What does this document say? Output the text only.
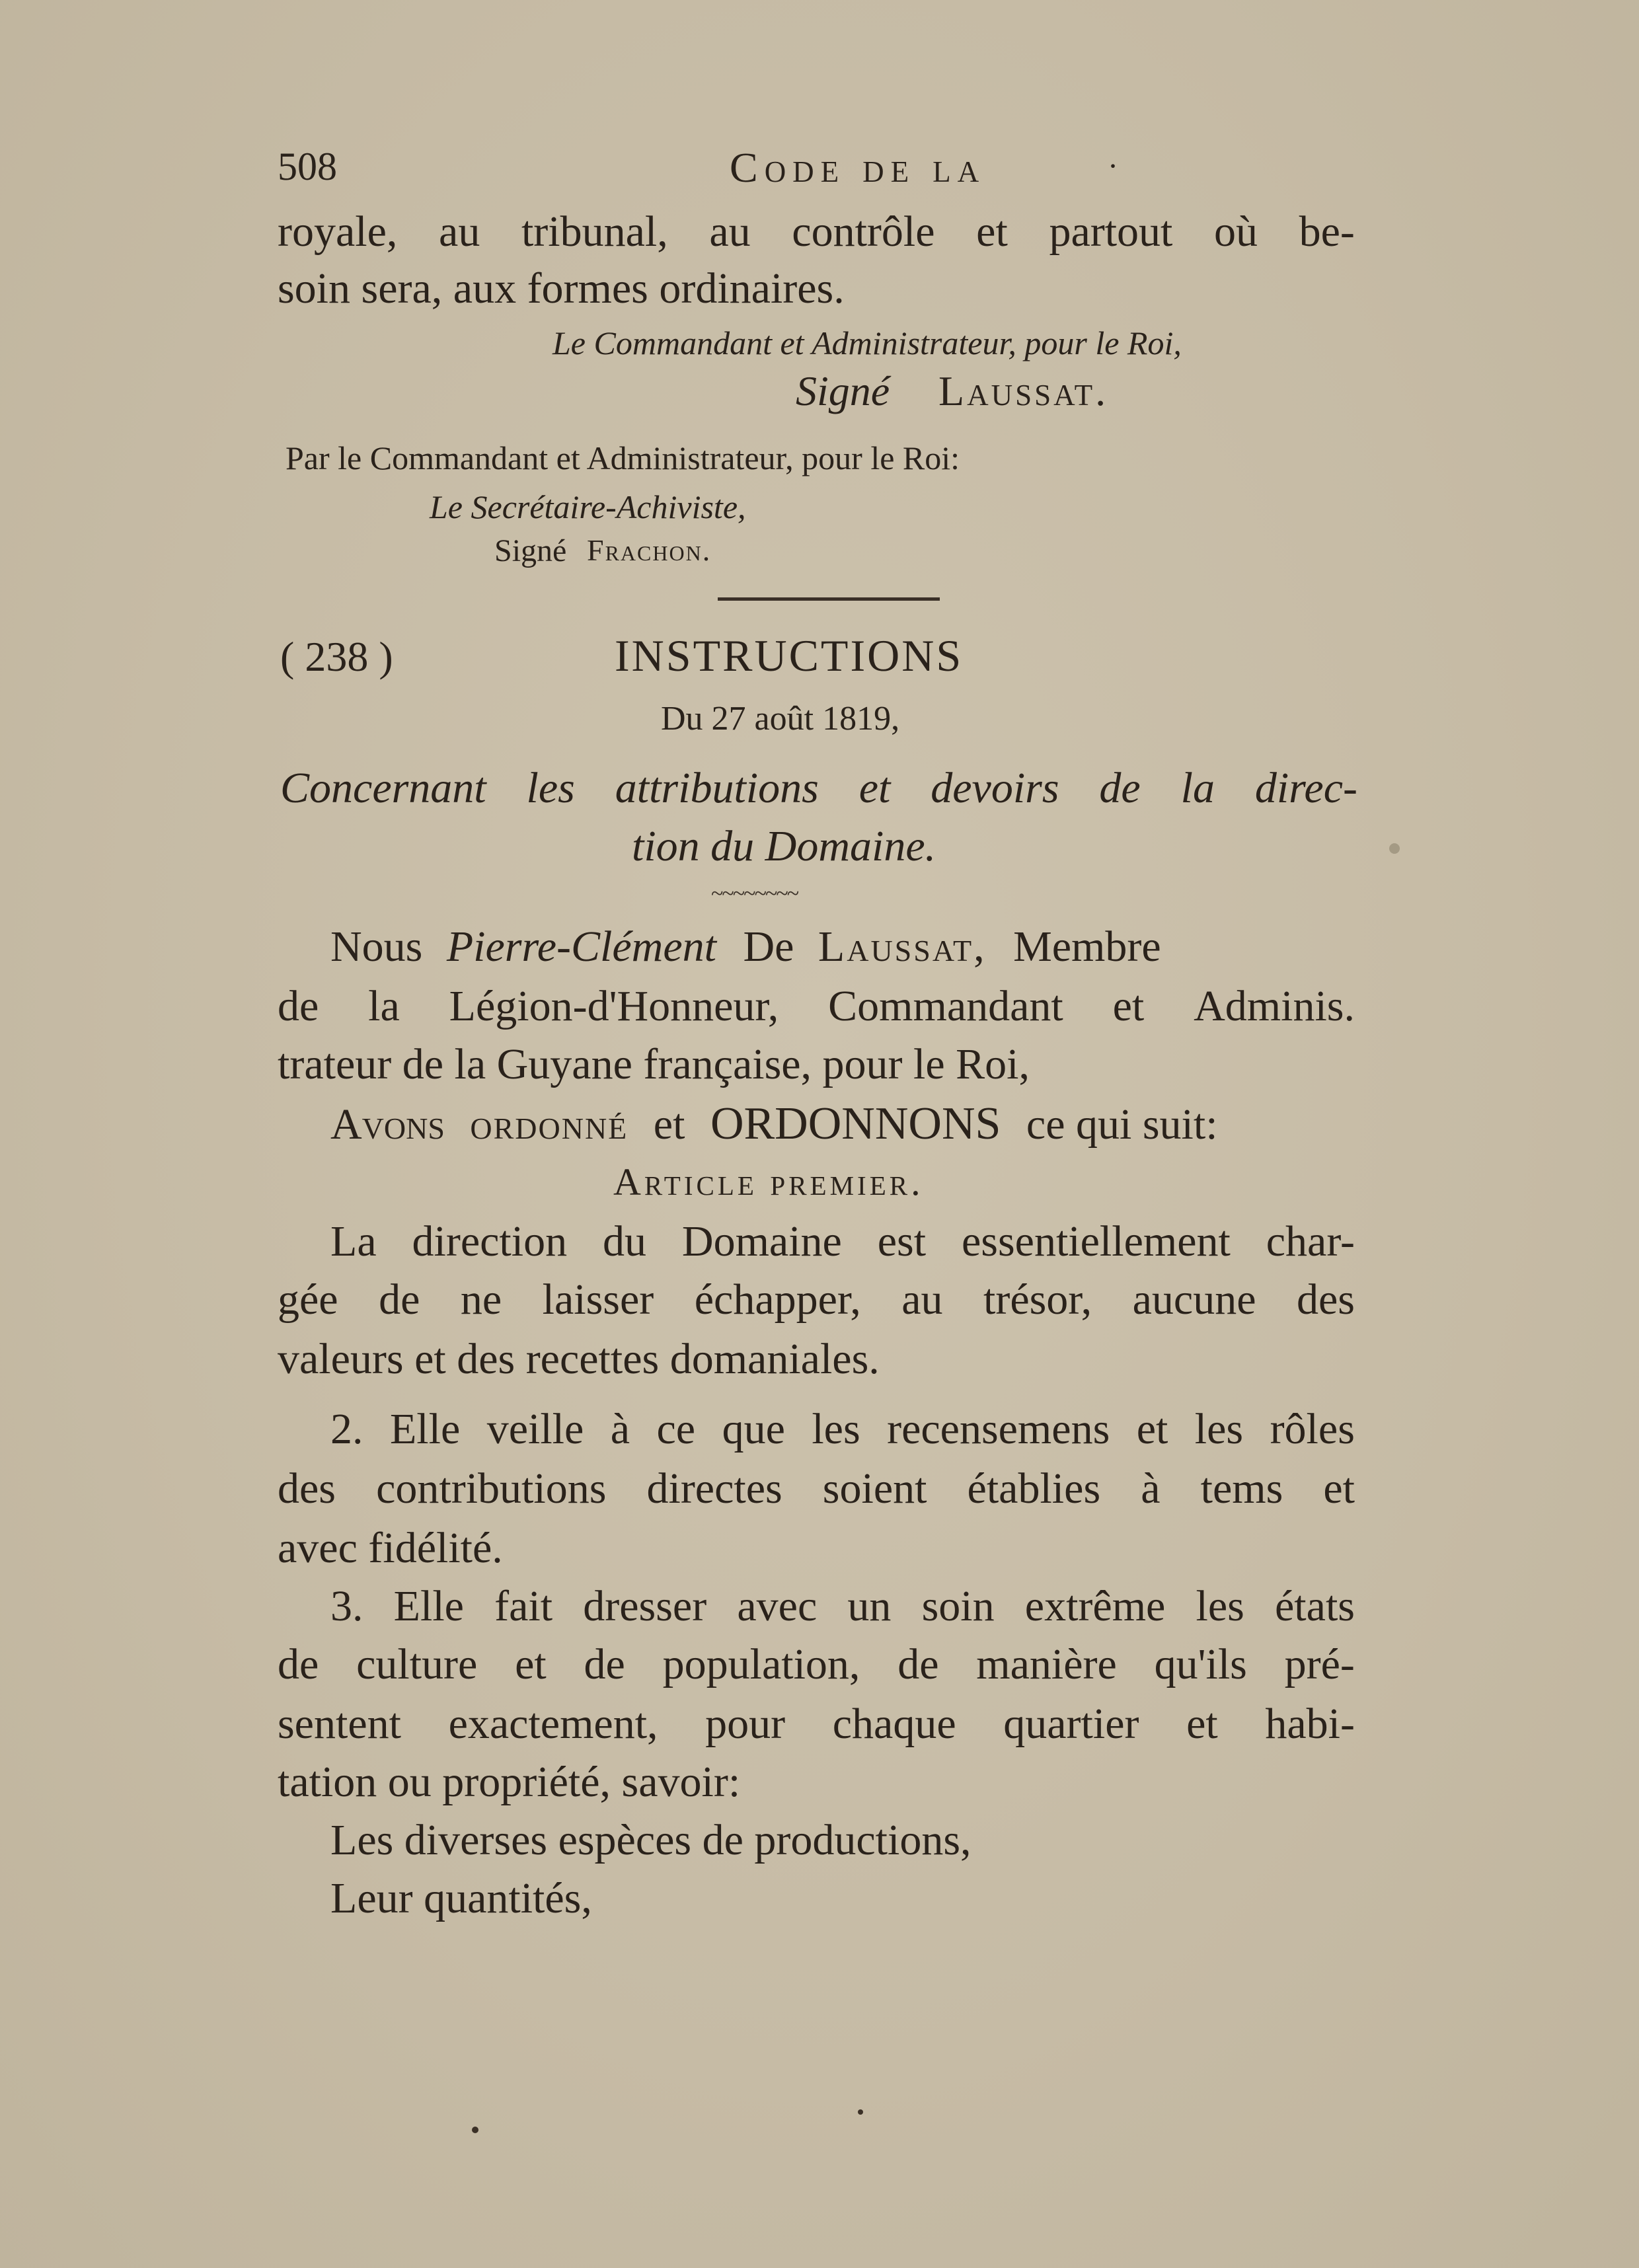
508	Code de la	·
royale, au tribunal, au contrôle et partout où be-
soin sera, aux formes ordinaires.
Le Commandant et Administrateur, pour le Roi,
Signé Laussat.
Par le Commandant et Administrateur, pour le Roi:
Le Secrétaire-Achiviste,
Signé Frachon.
( 238 )	INSTRUCTIONS
Du 27 août 1819,
Concernant les attributions et devoirs de la direc-
tion du Domaine.
~~~~~~~~
Nous Pierre-Clément De Laussat, Membre
de la Légion-d'Honneur, Commandant et Adminis.
trateur de la Guyane française, pour le Roi,
Avons ordonné et ORDONNONS ce qui suit:
Article premier.
La direction du Domaine est essentiellement char-
gée de ne laisser échapper, au trésor, aucune des
valeurs et des recettes domaniales.
2. Elle veille à ce que les recensemens et les rôles
des contributions directes soient établies à tems et
avec fidélité.
3. Elle fait dresser avec un soin extrême les états
de culture et de population, de manière qu'ils pré-
sentent exactement, pour chaque quartier et habi-
tation ou propriété, savoir:
Les diverses espèces de productions,
Leur quantités,
